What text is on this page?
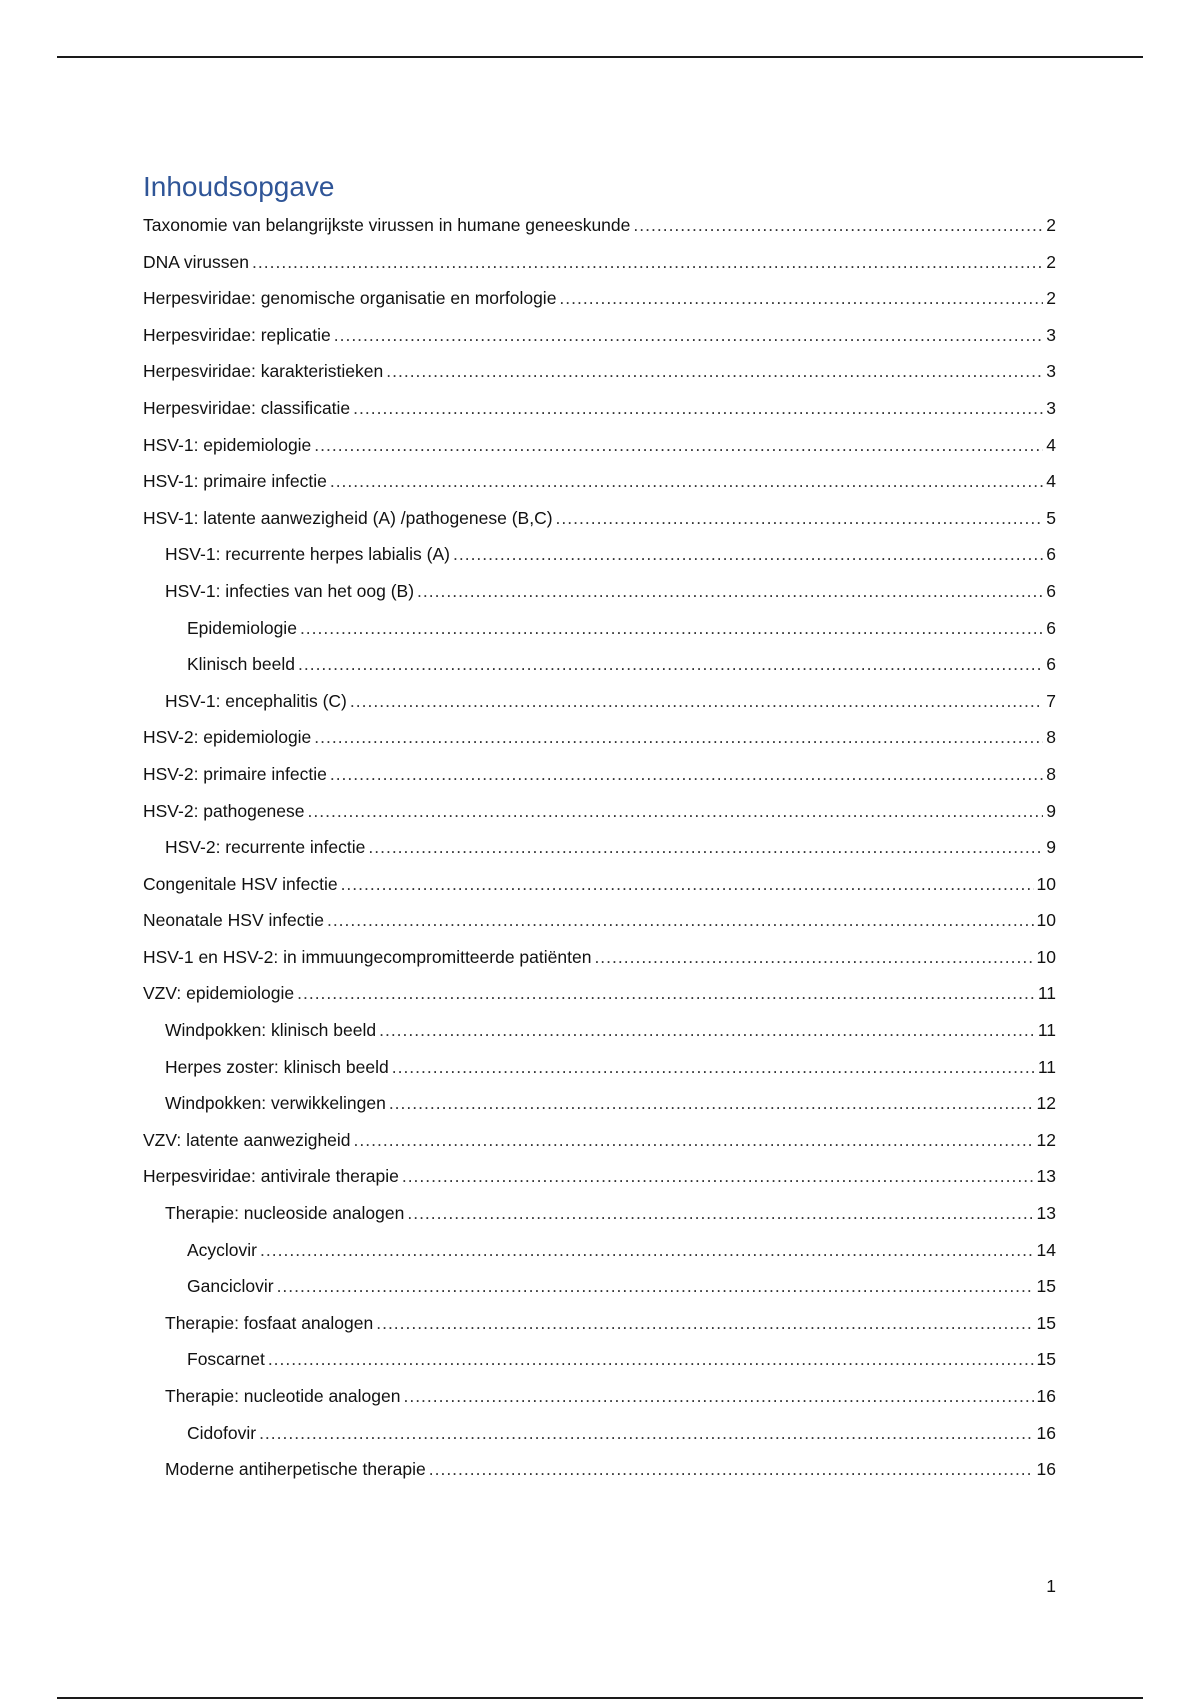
Inhoudsopgave
Taxonomie van belangrijkste virussen in humane geneeskunde .....	2
DNA virussen .....	2
Herpesviridae: genomische organisatie en morfologie .....	2
Herpesviridae: replicatie .....	3
Herpesviridae: karakteristieken .....	3
Herpesviridae: classificatie .....	3
HSV-1: epidemiologie .....	4
HSV-1: primaire infectie .....	4
HSV-1: latente aanwezigheid (A) /pathogenese (B,C) .....	5
HSV-1: recurrente herpes labialis (A) .....	6
HSV-1: infecties van het oog (B) .....	6
Epidemiologie .....	6
Klinisch beeld .....	6
HSV-1: encephalitis (C) .....	7
HSV-2: epidemiologie .....	8
HSV-2: primaire infectie .....	8
HSV-2: pathogenese .....	9
HSV-2: recurrente infectie .....	9
Congenitale HSV infectie .....	10
Neonatale HSV infectie .....	10
HSV-1 en HSV-2: in immuungecompromitteerde patiënten .....	10
VZV: epidemiologie .....	11
Windpokken: klinisch beeld .....	11
Herpes zoster: klinisch beeld .....	11
Windpokken: verwikkelingen .....	12
VZV: latente aanwezigheid .....	12
Herpesviridae: antivirale therapie .....	13
Therapie: nucleoside analogen .....	13
Acyclovir .....	14
Ganciclovir .....	15
Therapie: fosfaat analogen .....	15
Foscarnet .....	15
Therapie: nucleotide analogen .....	16
Cidofovir .....	16
Moderne antiherpetische therapie .....	16
1
